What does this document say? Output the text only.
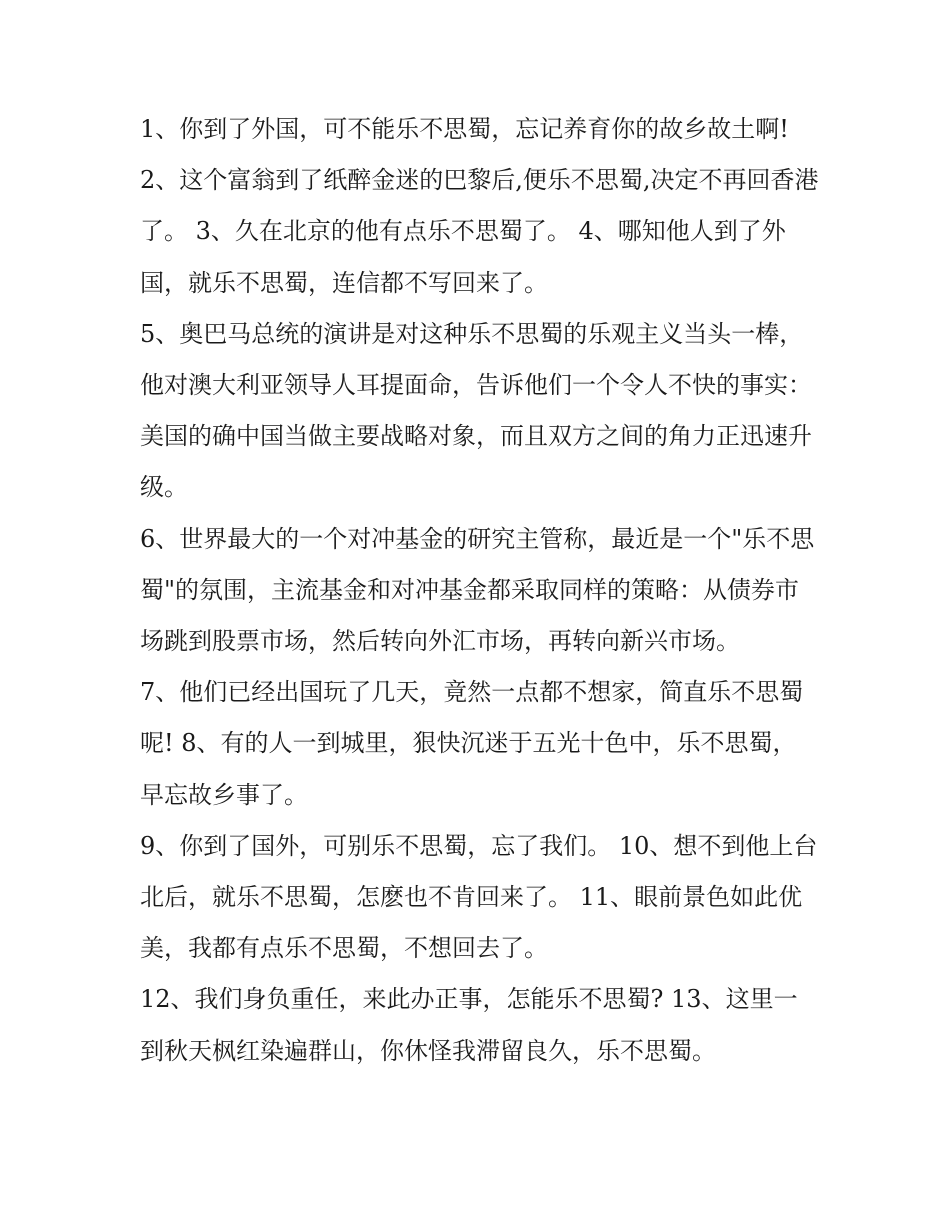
1、你到了外国，可不能乐不思蜀，忘记养育你的故乡故土啊!

2、这个富翁到了纸醉金迷的巴黎后,便乐不思蜀,决定不再回香港了。 3、久在北京的他有点乐不思蜀了。 4、哪知他人到了外国，就乐不思蜀，连信都不写回来了。

5、奥巴马总统的演讲是对这种乐不思蜀的乐观主义当头一棒，他对澳大利亚领导人耳提面命，告诉他们一个令人不快的事实：美国的确中国当做主要战略对象，而且双方之间的角力正迅速升级。

6、世界最大的一个对冲基金的研究主管称，最近是一个"乐不思蜀"的氛围，主流基金和对冲基金都采取同样的策略：从债券市场跳到股票市场，然后转向外汇市场，再转向新兴市场。

7、他们已经出国玩了几天，竟然一点都不想家，简直乐不思蜀呢! 8、有的人一到城里，狠快沉迷于五光十色中，乐不思蜀，早忘故乡事了。

9、你到了国外，可别乐不思蜀，忘了我们。 10、想不到他上台北后，就乐不思蜀，怎麽也不肯回来了。 11、眼前景色如此优美，我都有点乐不思蜀，不想回去了。

12、我们身负重任，来此办正事，怎能乐不思蜀? 13、这里一到秋天枫红染遍群山，你休怪我滞留良久，乐不思蜀。
